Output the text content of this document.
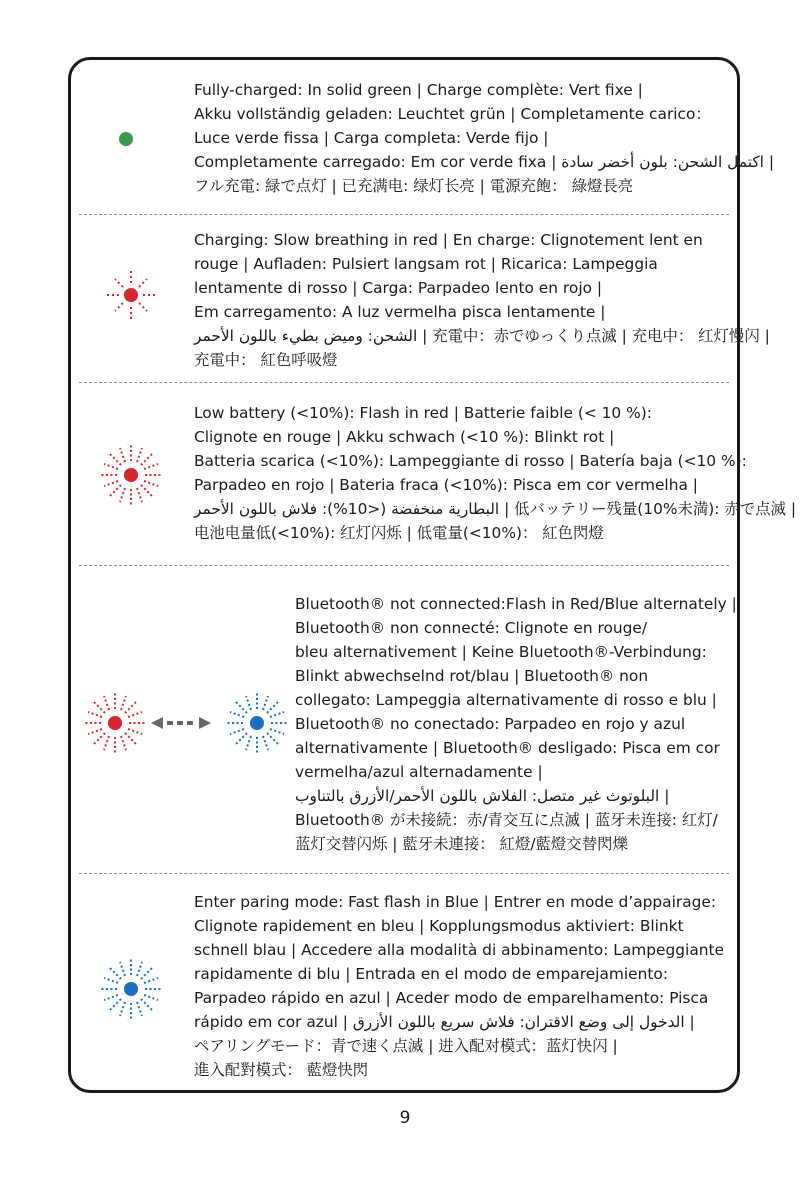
Fully-charged: In solid green | Charge complète: Vert fixe |
Akku vollständig geladen: Leuchtet grün | Completamente carico：
Luce verde fissa | Carga completa: Verde fijo |
Completamente carregado: Em cor verde fixa | اكتمل الشحن: بلون أخضر سادة |
フル充電: 緑で点灯 | 已充满电: 绿灯长亮 | 電源充飽： 綠燈長亮
Charging: Slow breathing in red | En charge: Clignotement lent en
rouge | Aufladen: Pulsiert langsam rot | Ricarica: Lampeggia
lentamente di rosso | Carga: Parpadeo lento en rojo |
Em carregamento: A luz vermelha pisca lentamente |
الشحن: وميض بطيء باللون الأحمر | 充電中：赤でゆっくり点滅 | 充电中： 红灯慢闪 |
充電中： 紅色呼吸燈
Low battery (<10%): Flash in red | Batterie faible (< 10 %):
Clignote en rouge | Akku schwach (<10 %): Blinkt rot |
Batteria scarica (<10%): Lampeggiante di rosso | Batería baja (<10 %):
Parpadeo en rojo | Bateria fraca (<10%): Pisca em cor vermelha |
البطارية منخفضة (<10%): فلاش باللون الأحمر | 低バッテリー残量(10%未満): 赤で点滅 |
电池电量低(<10%): 红灯闪烁 | 低電量(<10%)： 紅色閃燈
Bluetooth® not connected:Flash in Red/Blue alternately |
Bluetooth® non connecté: Clignote en rouge/
bleu alternativement | Keine Bluetooth®-Verbindung:
Blinkt abwechselnd rot/blau | Bluetooth® non
collegato: Lampeggia alternativamente di rosso e blu |
Bluetooth® no conectado: Parpadeo en rojo y azul
alternativamente | Bluetooth® desligado: Pisca em cor
vermelha/azul alternadamente |
البلوتوث غير متصل: الفلاش باللون الأحمر/الأزرق بالتناوب |
Bluetooth® が未接続：赤/青交互に点滅 | 蓝牙未连接: 红灯/
蓝灯交替闪烁 | 藍牙未連接： 紅燈/藍燈交替閃爍
Enter paring mode: Fast flash in Blue | Entrer en mode d’appairage:
Clignote rapidement en bleu | Kopplungsmodus aktiviert: Blinkt
schnell blau | Accedere alla modalità di abbinamento: Lampeggiante
rapidamente di blu | Entrada en el modo de emparejamiento:
Parpadeo rápido en azul | Aceder modo de emparelhamento: Pisca
rápido em cor azul | الدخول إلى وضع الاقتران: فلاش سريع باللون الأزرق |
ペアリングモード：青で速く点滅 | 进入配对模式：蓝灯快闪 |
進入配對模式： 藍燈快閃
9
